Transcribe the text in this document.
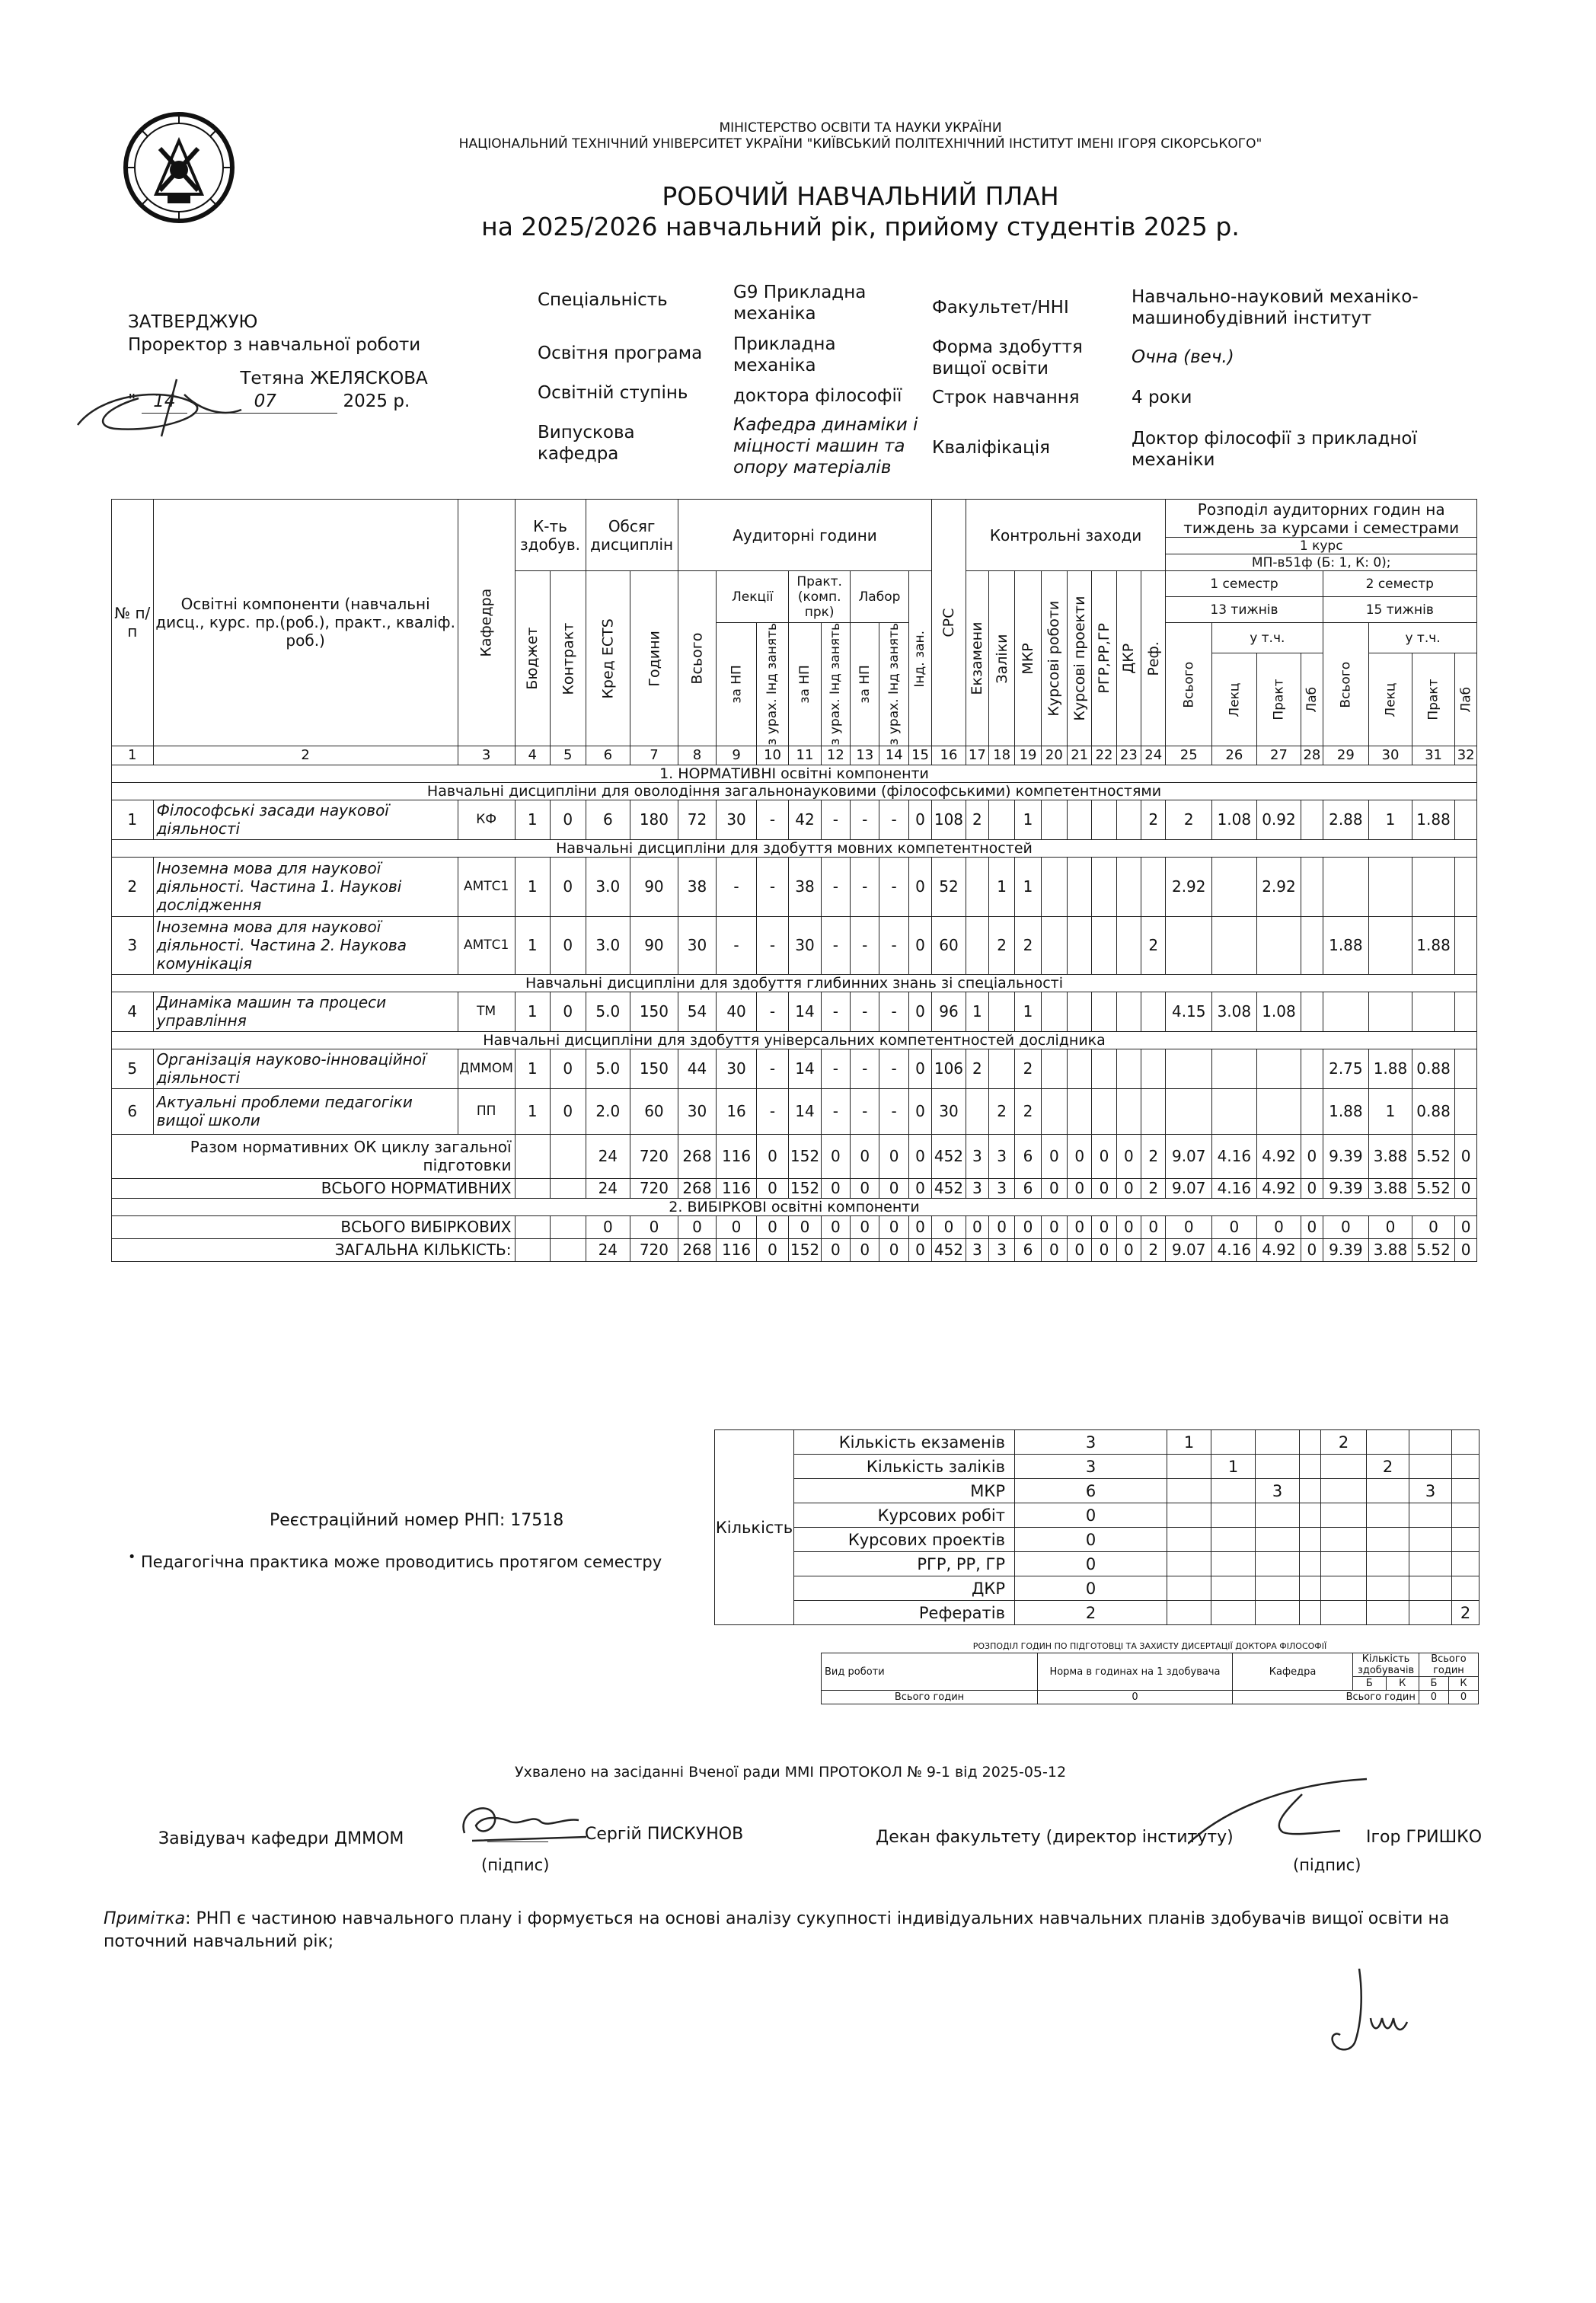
МІНІСТЕРСТВО ОСВІТИ ТА НАУКИ УКРАЇНИ
НАЦІОНАЛЬНИЙ ТЕХНІЧНИЙ УНІВЕРСИТЕТ УКРАЇНИ "КИЇВСЬКИЙ ПОЛІТЕХНІЧНИЙ ІНСТИТУТ ІМЕНІ ІГОРЯ СІКОРСЬКОГО"
РОБОЧИЙ НАВЧАЛЬНИЙ ПЛАН
на 2025/2026 навчальний рік, прийому студентів 2025 р.
ЗАТВЕРДЖУЮ
Проректор з навчальної роботи
Тетяна ЖЕЛЯСКОВА
" 14	07	2025 р.
Спеціальність	G9 Прикладна механіка
Освітня програма Прикладна механіка
Освітній ступінь	доктора філософії
Випускова кафедра
Кафедра динаміки і міцності машин та опору матеріалів
Факультет/ННІ
Навчально-науковий механіко-машинобудівний інститут
Форма здобуття вищої освіти
Очна (веч.)
Строк навчання	4 роки
Кваліфікація	Доктор філософії з прикладної механіки
№ п/п	Освітні компоненти (навчальні дисц., курс. пр.(роб.), практ., кваліф. роб.)	Кафедра	К-ть здобув.		Обсяг дисциплін		Аудиторні години								СРС	Контрольні заходи								Розподіл аудиторних годин на тиждень за курсами і семестрами							
																								1 курс							
																								МП-в51ф (Б: 1, К: 0);							
			Бюджет	Контракт	Кред ECTS	Години	Всього	Лекції		Практ. (комп. прк)		Лабор		Інд. зан.		Екзамени	Заліки	МКР	Курсові роботи	Курсові проекти	РГР,РР,ГР	ДКР	Реф.	1 семестр				2 семестр			
																								13 тижнів				15 тижнів			
								за НП	з урах. Інд занять	за НП	з урах. Інд занять	за НП	з урах. Інд занять											Всього	у т.ч.			Всього	у т.ч.		
																									Лекц	Практ	Лаб		Лекц	Практ	Лаб

1	2	3	4	5	6	7	8	9	10	11	12	13	14	15	16	17	18	19	20	21	22	23	24	25	26	27	28	29	30	31	32
1. НОРМАТИВНІ освітні компоненти																															
Навчальні дисципліни для оволодіння загальнонауковими (філософськими) компетентностями																															
1	Філософські засади наукової діяльності	КФ	1	0	6	180	72	30	-	42	-	-	-	0	108	2		1					2	2	1.08	0.92		2.88	1	1.88	
Навчальні дисципліни для здобуття мовних компетентностей																															
2	Іноземна мова для наукової діяльності. Частина 1. Наукові дослідження	АМТС1	1	0	3.0	90	38	-	-	38	-	-	-	0	52		1	1						2.92		2.92					
3	Іноземна мова для наукової діяльності. Частина 2. Наукова комунікація	АМТС1	1	0	3.0	90	30	-	-	30	-	-	-	0	60		2	2					2					1.88		1.88	
Навчальні дисципліни для здобуття глибинних знань зі спеціальності																															
4	Динаміка машин та процеси управління	ТМ	1	0	5.0	150	54	40	-	14	-	-	-	0	96	1		1						4.15	3.08	1.08					
Навчальні дисципліни для здобуття універсальних компетентностей дослідника																															
5	Організація науково-інноваційної діяльності	ДММОМ	1	0	5.0	150	44	30	-	14	-	-	-	0	106	2		2										2.75	1.88	0.88	
6	Актуальні проблеми педагогіки вищої школи	ПП	1	0	2.0	60	30	16	-	14	-	-	-	0	30		2	2										1.88	1	0.88	
Разом нормативних ОК циклу загальної підготовки					24	720	268	116	0	152	0	0	0	0	452	3	3	6	0	0	0	0	2	9.07	4.16	4.92	0	9.39	3.88	5.52	0
ВСЬОГО НОРМАТИВНИХ					24	720	268	116	0	152	0	0	0	0	452	3	3	6	0	0	0	0	2	9.07	4.16	4.92	0	9.39	3.88	5.52	0
2. ВИБІРКОВІ освітні компоненти																															
ВСЬОГО ВИБІРКОВИХ					0	0	0	0	0	0	0	0	0	0	0	0	0	0	0	0	0	0	0	0	0	0	0	0	0	0	0
ЗАГАЛЬНА КІЛЬКІСТЬ:					24	720	268	116	0	152	0	0	0	0	452	3	3	6	0	0	0	0	2	9.07	4.16	4.92	0	9.39	3.88	5.52	0
Кількість	Кількість екзаменів	3	1				2			
	Кількість заліків	3		1				2		
	МКР	6			3				3	
	Курсових робіт	0								
	Курсових проектів	0								
	РГР, РР, ГР	0								
	ДКР	0								
	Рефератів	2								2
Реєстраційний номер РНП: 17518
• Педагогічна практика може проводитись протягом семестру
РОЗПОДІЛ ГОДИН ПО ПІДГОТОВЦІ ТА ЗАХИСТУ ДИСЕРТАЦІЇ ДОКТОРА ФІЛОСОФІЇ
Вид роботи	Норма в годинах на 1 здобувача	Кафедра	Кількість здобувачів		Всього годин	
			Б	К	Б	К
Всього годин	0	Всього годин			0	0
Ухвалено на засіданні Вченої ради ММІ ПРОТОКОЛ № 9-1 від 2025-05-12
Завідувач кафедри ДММОМ	Сергій ПИСКУНОВ
(підпис)
Декан факультету (директор інституту)	Ігор ГРИШКО
(підпис)
Примітка: РНП є частиною навчального плану і формується на основі аналізу сукупності індивідуальних навчальних планів здобувачів вищої освіти на поточний навчальний рік;
